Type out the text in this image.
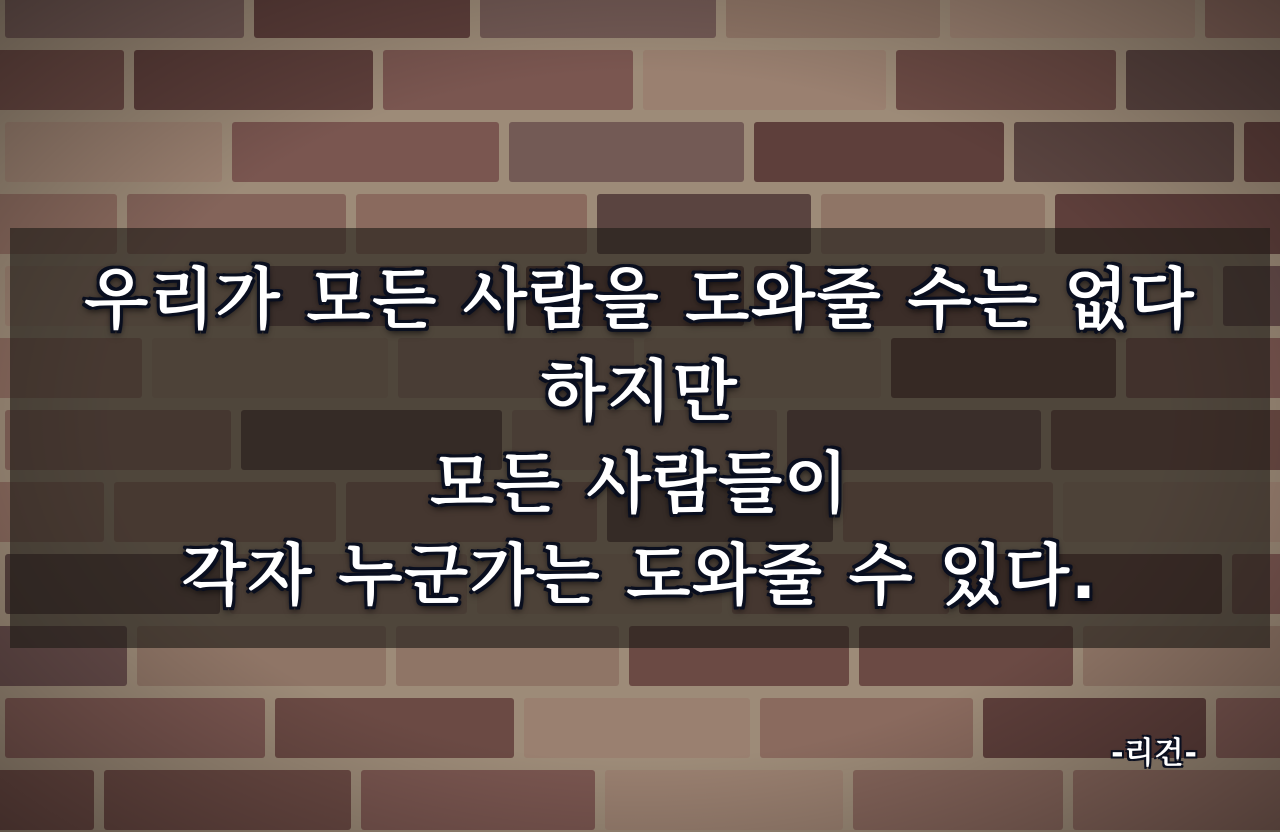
우리가 모든 사람을 도와줄 수는 없다
하지만
모든 사람들이
각자 누군가는 도와줄 수 있다.
-리건-
